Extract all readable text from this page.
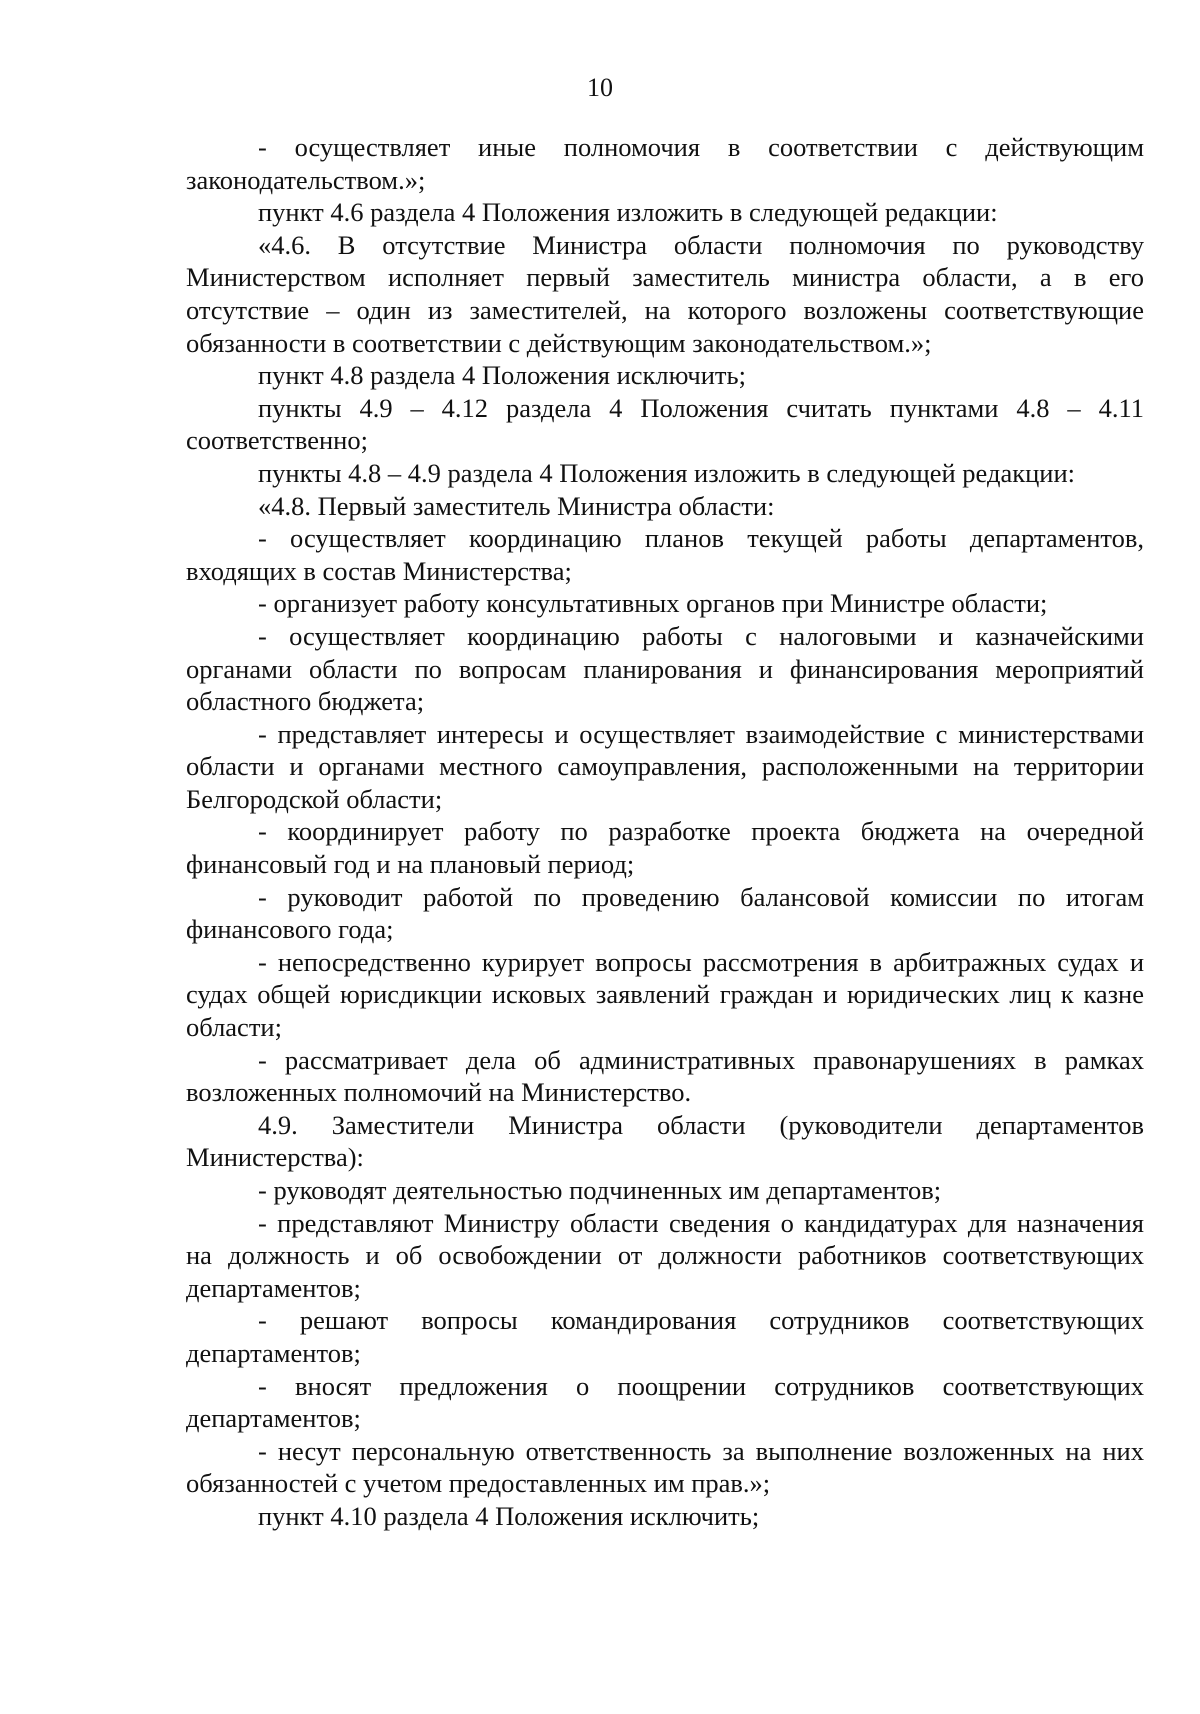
10

- осуществляет иные полномочия в соответствии с действующим законодательством.»;

пункт 4.6 раздела 4 Положения изложить в следующей редакции:

«4.6. В отсутствие Министра области полномочия по руководству Министерством исполняет первый заместитель министра области, а в его отсутствие – один из заместителей, на которого возложены соответствующие обязанности в соответствии с действующим законодательством.»;

пункт 4.8 раздела 4 Положения исключить;

пункты 4.9 – 4.12 раздела 4 Положения считать пунктами 4.8 – 4.11 соответственно;

пункты 4.8 – 4.9 раздела 4 Положения изложить в следующей редакции:

«4.8. Первый заместитель Министра области:

- осуществляет координацию планов текущей работы департаментов, входящих в состав Министерства;

- организует работу консультативных органов при Министре области;

- осуществляет координацию работы с налоговыми и казначейскими органами области по вопросам планирования и финансирования мероприятий областного бюджета;

- представляет интересы и осуществляет взаимодействие с министерствами области и органами местного самоуправления, расположенными на территории Белгородской области;

- координирует работу по разработке проекта бюджета на очередной финансовый год и на плановый период;

- руководит работой по проведению балансовой комиссии по итогам финансового года;

- непосредственно курирует вопросы рассмотрения в арбитражных судах и судах общей юрисдикции исковых заявлений граждан и юридических лиц к казне области;

- рассматривает дела об административных правонарушениях в рамках возложенных полномочий на Министерство.

4.9. Заместители Министра области (руководители департаментов Министерства):

- руководят деятельностью подчиненных им департаментов;

- представляют Министру области сведения о кандидатурах для назначения на должность и об освобождении от должности работников соответствующих департаментов;

- решают вопросы командирования сотрудников соответствующих департаментов;

- вносят предложения о поощрении сотрудников соответствующих департаментов;

- несут персональную ответственность за выполнение возложенных на них обязанностей с учетом предоставленных им прав.»;

пункт 4.10 раздела 4 Положения исключить;
